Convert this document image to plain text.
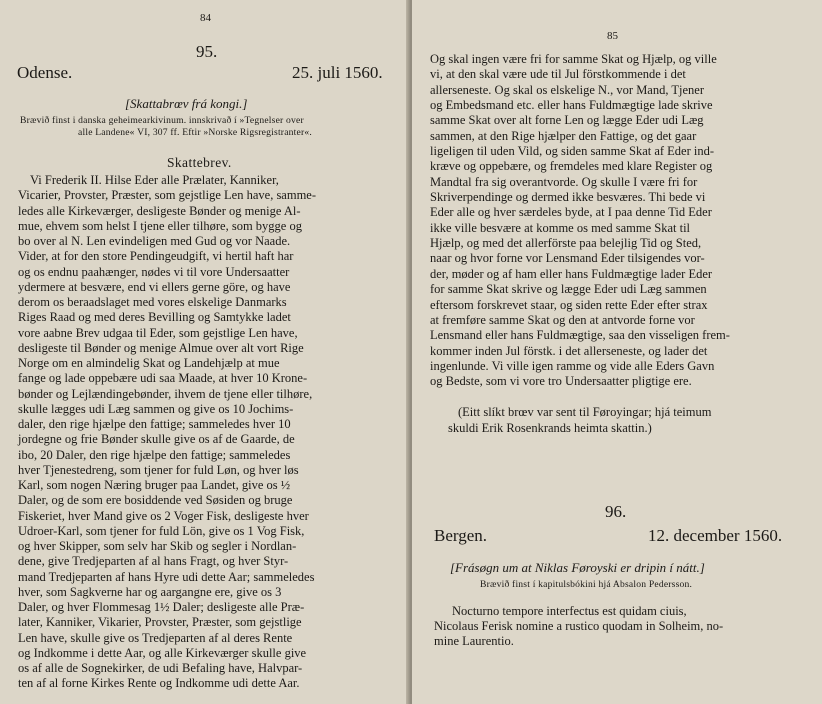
84

95.

Odense.	25. juli 1560.

[Skattabrœv frá kongi.]

Brævið finst i danska geheimearkivinum. innskrivað í »Tegnelser over

alle Landene« VI, 307 ff. Eftir »Norske Rigsregistranter«.

Skattebrev.

Vi Frederik II. Hilse Eder alle Prælater, Kanniker,
Vicarier, Provster, Præster, som gejstlige Len have, samme-
ledes alle Kirkeværger, desligeste Bønder og menige Al-
mue, ehvem som helst I tjene eller tilhøre, som bygge og
bo over al N. Len evindeligen med Gud og vor Naade.
Vider, at for den store Pendingeudgift, vi hertil haft har
og os endnu paahænger, nødes vi til vore Undersaatter
ydermere at besvære, end vi ellers gerne göre, og have
derom os beraadslaget med vores elskelige Danmarks
Riges Raad og med deres Bevilling og Samtykke ladet
vore aabne Brev udgaa til Eder, som gejstlige Len have,
desligeste til Bønder og menige Almue over alt vort Rige
Norge om en almindelig Skat og Landehjælp at mue
fange og lade oppebære udi saa Maade, at hver 10 Krone-
bønder og Lejlændingebønder, ihvem de tjene eller tilhøre,
skulle lægges udi Læg sammen og give os 10 Jochims-
daler, den rige hjælpe den fattige; sammeledes hver 10
jordegne og frie Bønder skulle give os af de Gaarde, de
ibo, 20 Daler, den rige hjælpe den fattige; sammeledes
hver Tjenestedreng, som tjener for fuld Løn, og hver løs
Karl, som nogen Næring bruger paa Landet, give os ½
Daler, og de som ere bosiddende ved Søsiden og bruge
Fiskeriet, hver Mand give os 2 Voger Fisk, desligeste hver
Udroer-Karl, som tjener for fuld Lön, give os 1 Vog Fisk,
og hver Skipper, som selv har Skib og segler i Nordlan-
dene, give Tredjeparten af al hans Fragt, og hver Styr-
mand Tredjeparten af hans Hyre udi dette Aar; sammeledes
hver, som Sagkverne har og aargangne ere, give os 3
Daler, og hver Flommesag 1½ Daler; desligeste alle Præ-
later, Kanniker, Vikarier, Provster, Præster, som gejstlige
Len have, skulle give os Tredjeparten af al deres Rente
og Indkomme i dette Aar, og alle Kirkeværger skulle give
os af alle de Sognekirker, de udi Befaling have, Halvpar-
ten af al forne Kirkes Rente og Indkomme udi dette Aar.

85

Og skal ingen være fri for samme Skat og Hjælp, og ville
vi, at den skal være ude til Jul förstkommende i det
allerseneste. Og skal os elskelige N., vor Mand, Tjener
og Embedsmand etc. eller hans Fuldmægtige lade skrive
samme Skat over alt forne Len og lægge Eder udi Læg
sammen, at den Rige hjælper den Fattige, og det gaar
ligeligen til uden Vild, og siden samme Skat af Eder ind-
kræve og oppebære, og fremdeles med klare Register og
Mandtal fra sig overantvorde. Og skulle I være fri for
Skriverpendinge og dermed ikke besværes. Thi bede vi
Eder alle og hver særdeles byde, at I paa denne Tid Eder
ikke ville besvære at komme os med samme Skat til
Hjælp, og med det allerförste paa belejlig Tid og Sted,
naar og hvor forne vor Lensmand Eder tilsigendes vor-
der, møder og af ham eller hans Fuldmægtige lader Eder
for samme Skat skrive og lægge Eder udi Læg sammen
eftersom forskrevet staar, og siden rette Eder efter strax
at fremføre samme Skat og den at antvorde forne vor
Lensmand eller hans Fuldmægtige, saa den visseligen frem-
kommer inden Jul förstk. i det allerseneste, og lader det
ingenlunde. Vi ville igen ramme og vide alle Eders Gavn
og Bedste, som vi vore tro Undersaatter pligtige ere.
(Eitt slíkt brœv var sent til Føroyingar; hjá teimum
skuldi Erik Rosenkrands heimta skattin.)

96.

Bergen.	12. december 1560.

[Frásøgn um at Niklas Føroyski er dripin í nátt.]

Brævið finst í kapitulsbókini hjá Absalon Pedersson.

Nocturno tempore interfectus est quidam ciuis,
Nicolaus Ferisk nomine a rustico quodam in Solheim, no-
mine Laurentio.
